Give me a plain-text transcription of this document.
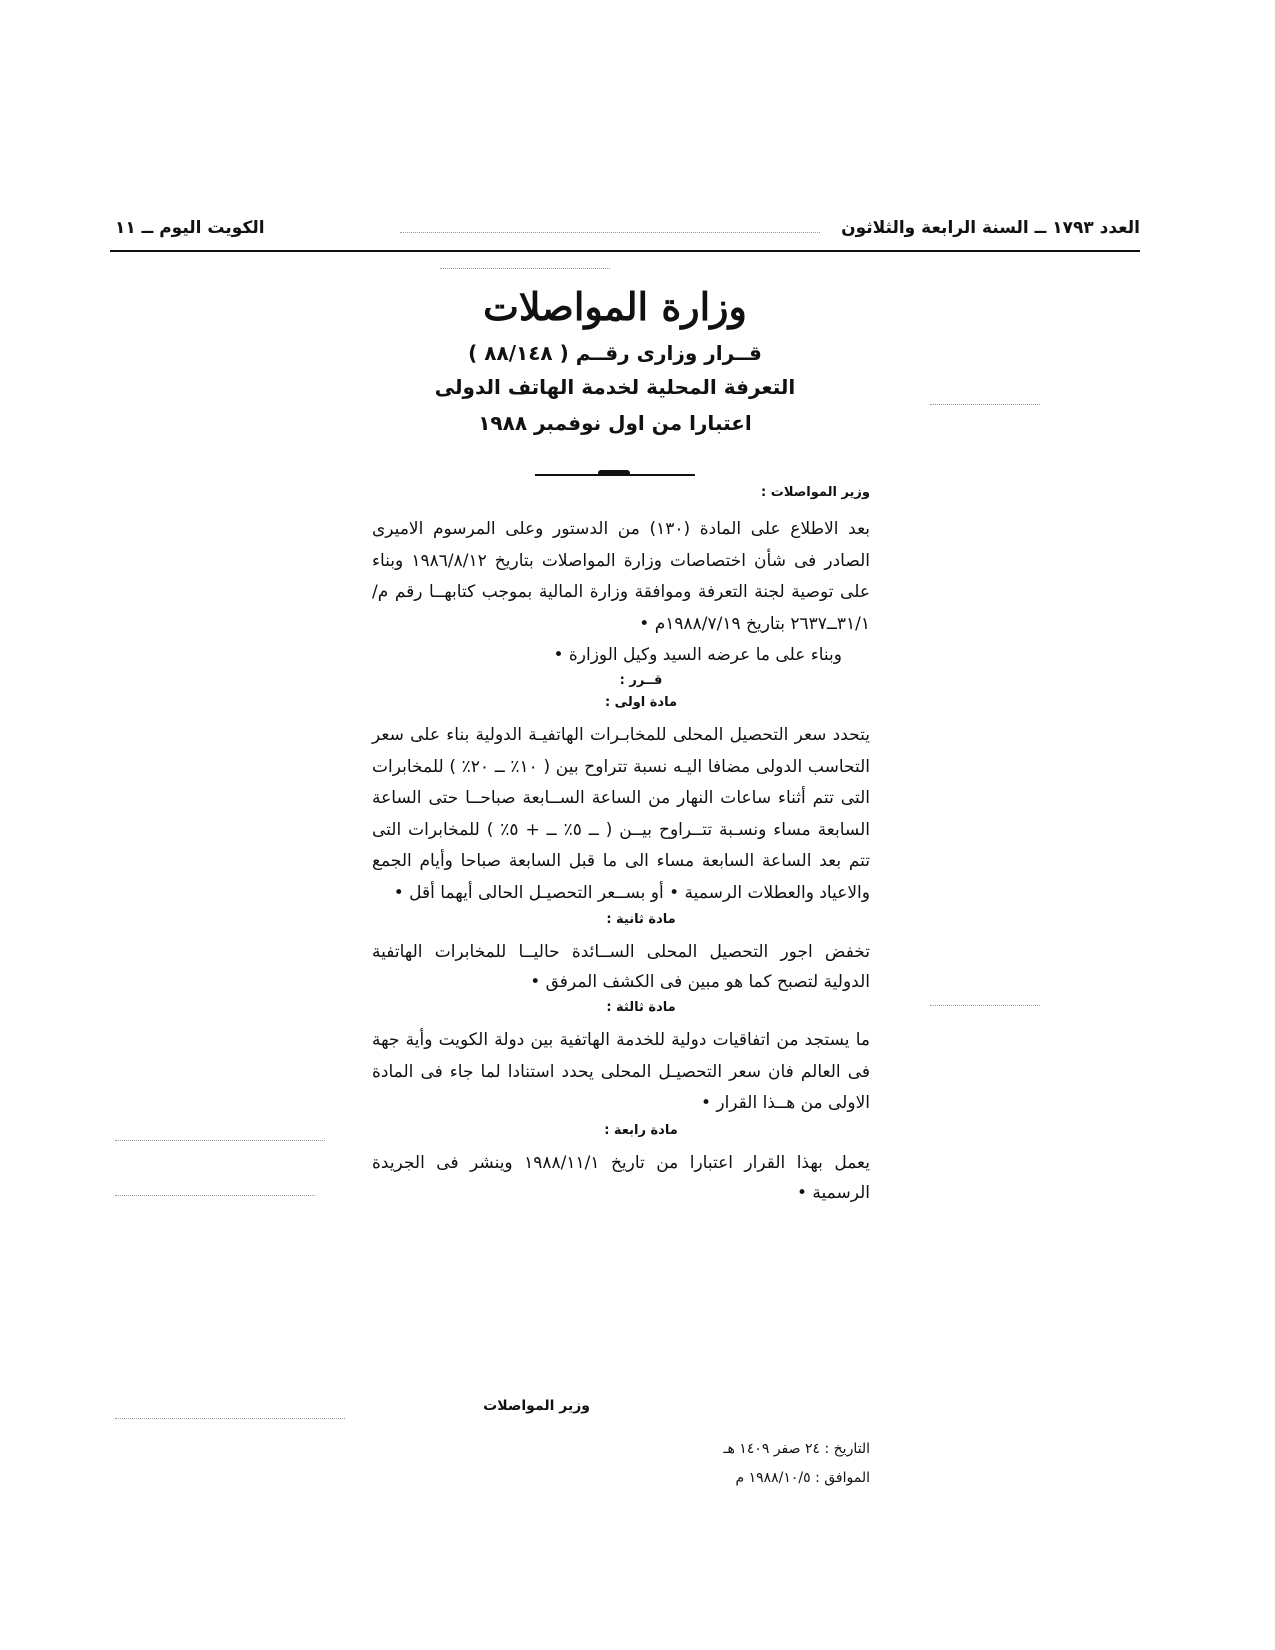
العدد ١٧٩٣ ــ السنة الرابعة والثلاثون
الكويت اليوم ــ ١١
وزارة المواصلات
قــرار وزارى رقــم ( ٨٨/١٤٨ )
التعرفة المحلية لخدمة الهاتف الدولى
اعتبارا من اول نوفمبر ١٩٨٨
وزير المواصلات :

بعد الاطلاع على المادة (١٣٠) من الدستور وعلى المرسوم الاميرى الصادر فى شأن اختصاصات وزارة المواصلات بتاريخ ١٩٨٦/٨/١٢ وبناء على توصية لجنة التعرفة وموافقة وزارة المالية بموجب كتابهــا رقم م/٣١/١ــ٢٦٣٧ بتاريخ ١٩٨٨/٧/١٩م •

وبناء على ما عرضه السيد وكيل الوزارة •
قــرر :
مادة اولى :

يتحدد سعر التحصيل المحلى للمخابـرات الهاتفيـة الدولية بناء على سعر التحاسب الدولى مضافا اليـه نسبة تتراوح بين ( ١٠٪ ــ ٢٠٪ ) للمخابرات التى تتم أثناء ساعات النهار من الساعة الســابعة صباحــا حتى الساعة السابعة مساء ونسـبة تتــراوح بيــن ( ــ ٥٪ ــ + ٥٪ ) للمخابرات التى تتم بعد الساعة السابعة مساء الى ما قبل السابعة صباحا وأيام الجمع والاعياد والعطلات الرسمية • أو بســعر التحصيـل الحالى أيهما أقل •

مادة ثانية :

تخفض اجور التحصيل المحلى الســائدة حاليــا للمخابرات الهاتفية الدولية لتصبح كما هو مبين فى الكشف المرفق •

مادة ثالثة :

ما يستجد من اتفاقيات دولية للخدمة الهاتفية بين دولة الكويت وأية جهة فى العالم فان سعر التحصيـل المحلى يحدد استنادا لما جاء فى المادة الاولى من هــذا القرار •

مادة رابعة :

يعمل بهذا القرار اعتبارا من تاريخ ١٩٨٨/١١/١ وينشر فى الجريدة الرسمية •

وزير المواصلات
التاريخ : ٢٤ صفر ١٤٠٩ هـ
الموافق : ١٩٨٨/١٠/٥ م
